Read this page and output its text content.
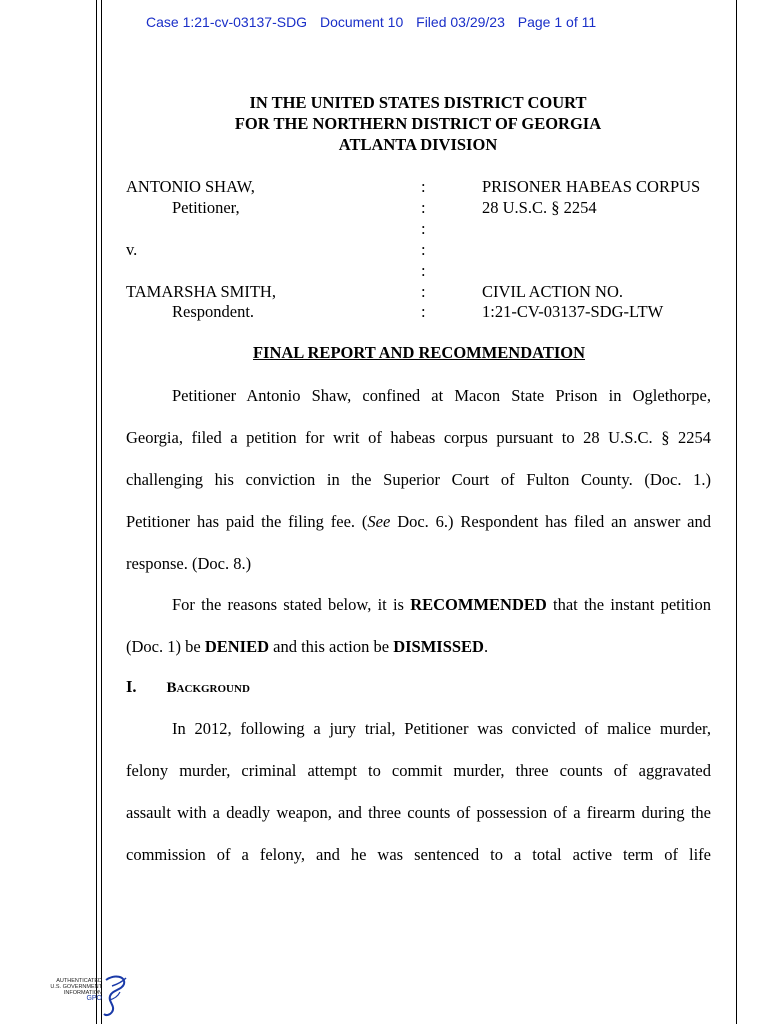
Case 1:21-cv-03137-SDG Document 10 Filed 03/29/23 Page 1 of 11
IN THE UNITED STATES DISTRICT COURT
FOR THE NORTHERN DISTRICT OF GEORGIA
ATLANTA DIVISION
ANTONIO SHAW,
Petitioner,
v.
TAMARSHA SMITH,
Respondent.
:
:
:
:
:
:
:
PRISONER HABEAS CORPUS
28 U.S.C. § 2254
CIVIL ACTION NO.
1:21-CV-03137-SDG-LTW
FINAL REPORT AND RECOMMENDATION
Petitioner Antonio Shaw, confined at Macon State Prison in Oglethorpe,
Georgia, filed a petition for writ of habeas corpus pursuant to 28 U.S.C. § 2254
challenging his conviction in the Superior Court of Fulton County. (Doc. 1.)
Petitioner has paid the filing fee. (See Doc. 6.) Respondent has filed an answer and
response. (Doc. 8.)
For the reasons stated below, it is RECOMMENDED that the instant petition
(Doc. 1) be DENIED and this action be DISMISSED.
I. Background
In 2012, following a jury trial, Petitioner was convicted of malice murder,
felony murder, criminal attempt to commit murder, three counts of aggravated
assault with a deadly weapon, and three counts of possession of a firearm during the
commission of a felony, and he was sentenced to a total active term of life
AUTHENTICATED
U.S. GOVERNMENT
INFORMATION
GPO
